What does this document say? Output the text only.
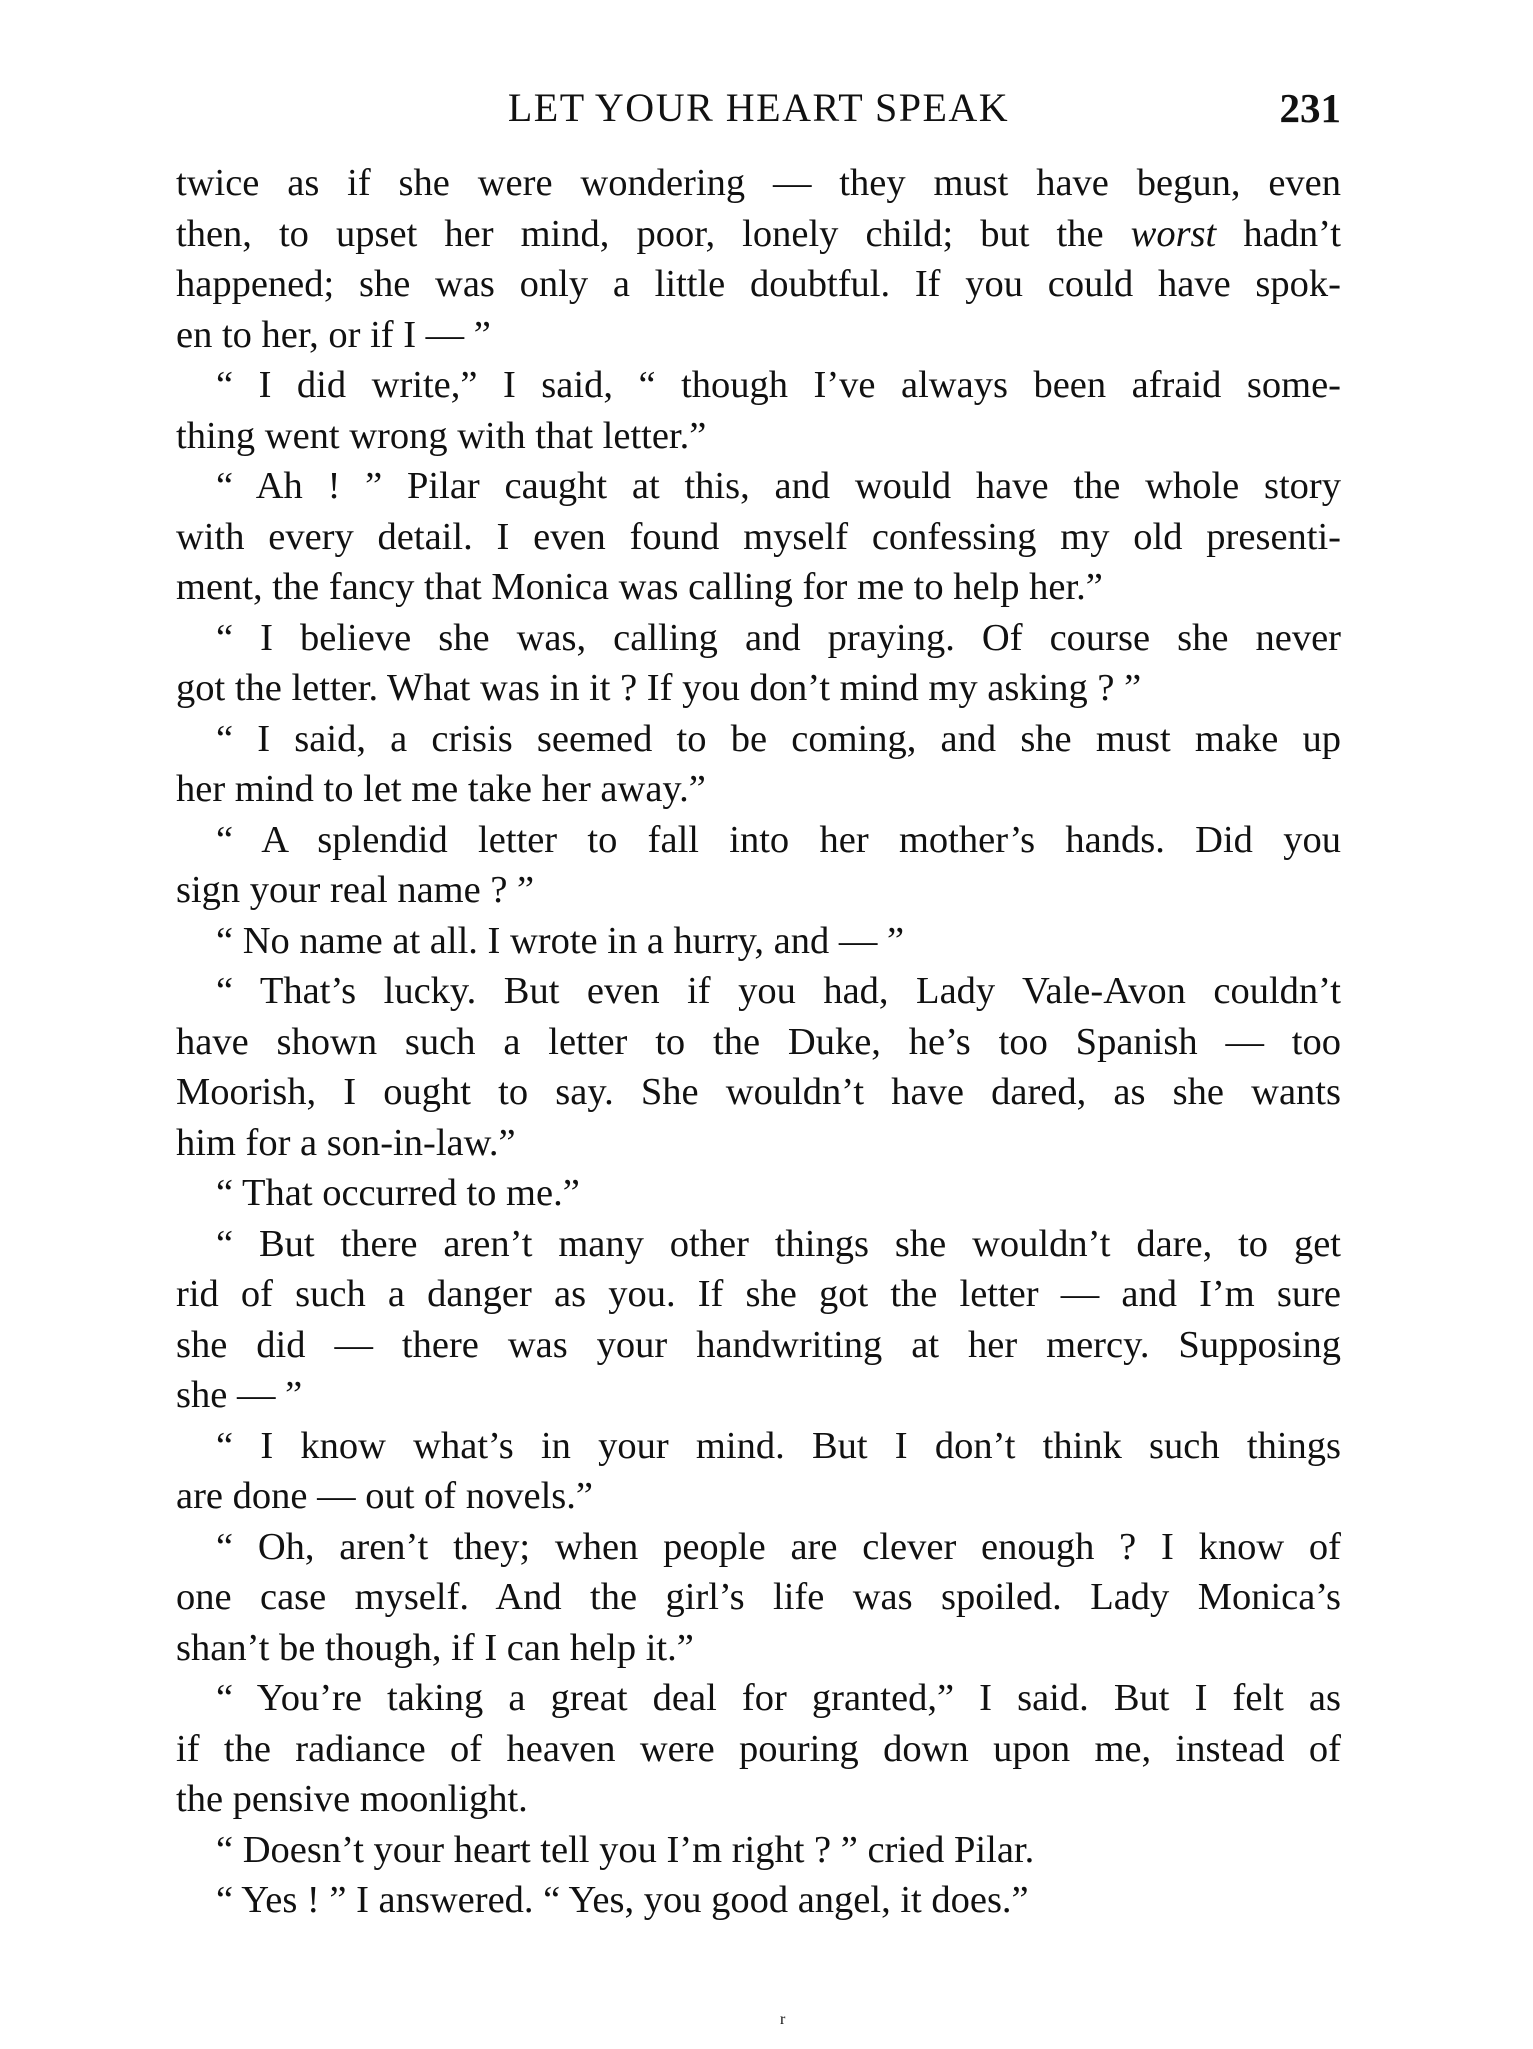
LET YOUR HEART SPEAK	231
twice as if she were wondering — they must have begun, even
then, to upset her mind, poor, lonely child; but the worst hadn’t
happened; she was only a little doubtful. If you could have spok-
en to her, or if I — ”
“ I did write,” I said, “ though I’ve always been afraid some-
thing went wrong with that letter.”
“ Ah ! ” Pilar caught at this, and would have the whole story
with every detail. I even found myself confessing my old presenti-
ment, the fancy that Monica was calling for me to help her.”
“ I believe she was, calling and praying. Of course she never
got the letter. What was in it ? If you don’t mind my asking ? ”
“ I said, a crisis seemed to be coming, and she must make up
her mind to let me take her away.”
“ A splendid letter to fall into her mother’s hands. Did you
sign your real name ? ”
“ No name at all. I wrote in a hurry, and — ”
“ That’s lucky. But even if you had, Lady Vale-Avon couldn’t
have shown such a letter to the Duke, he’s too Spanish — too
Moorish, I ought to say. She wouldn’t have dared, as she wants
him for a son-in-law.”
“ That occurred to me.”
“ But there aren’t many other things she wouldn’t dare, to get
rid of such a danger as you. If she got the letter — and I’m sure
she did — there was your handwriting at her mercy. Supposing
she — ”
“ I know what’s in your mind. But I don’t think such things
are done — out of novels.”
“ Oh, aren’t they; when people are clever enough ? I know of
one case myself. And the girl’s life was spoiled. Lady Monica’s
shan’t be though, if I can help it.”
“ You’re taking a great deal for granted,” I said. But I felt as
if the radiance of heaven were pouring down upon me, instead of
the pensive moonlight.
“ Doesn’t your heart tell you I’m right ? ” cried Pilar.
“ Yes ! ” I answered. “ Yes, you good angel, it does.”
r
